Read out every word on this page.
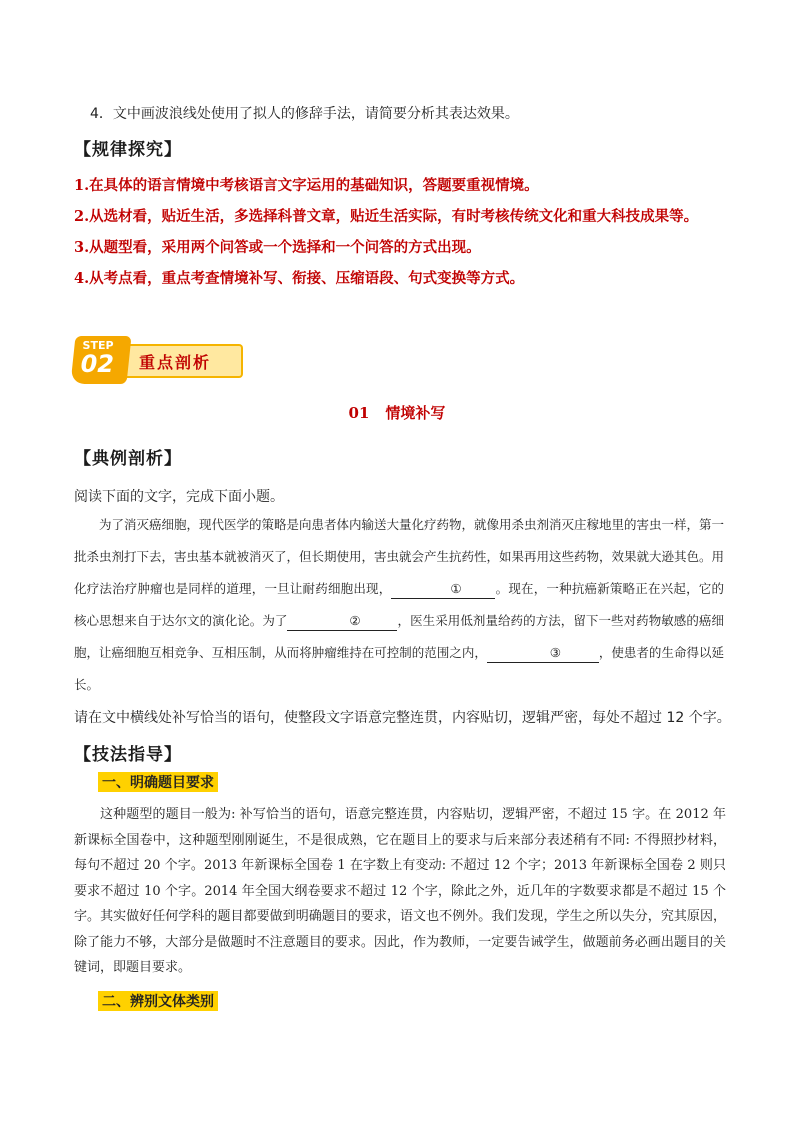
4．文中画波浪线处使用了拟人的修辞手法，请简要分析其表达效果。
【规律探究】

1.在具体的语言情境中考核语言文字运用的基础知识，答题要重视情境。

2.从选材看，贴近生活，多选择科普文章，贴近生活实际，有时考核传统文化和重大科技成果等。

3.从题型看，采用两个问答或一个选择和一个问答的方式出现。

4.从考点看，重点考查情境补写、衔接、压缩语段、句式变换等方式。

重点剖析
STEP
02
01 情境补写
【典例剖析】
阅读下面的文字，完成下面小题。

为了消灭癌细胞，现代医学的策略是向患者体内输送大量化疗药物，就像用杀虫剂消灭庄稼地里的害虫一样，第一批杀虫剂打下去，害虫基本就被消灭了，但长期使用，害虫就会产生抗药性，如果再用这些药物，效果就大逊其色。用化疗法治疗肿瘤也是同样的道理，一旦让耐药细胞出现，	①	。现在，一种抗癌新策略正在兴起，它的核心思想来自于达尔文的演化论。为了	②	，医生采用低剂量给药的方法，留下一些对药物敏感的癌细胞，让癌细胞互相竞争、互相压制，从而将肿瘤维持在可控制的范围之内，	③	，使患者的生命得以延长。

请在文中横线处补写恰当的语句，使整段文字语意完整连贯，内容贴切，逻辑严密，每处不超过 12 个字。
【技法指导】
一、明确题目要求

这种题型的题目一般为: 补写恰当的语句，语意完整连贯，内容贴切，逻辑严密，不超过 15 字。在 2012 年新课标全国卷中，这种题型刚刚诞生，不是很成熟，它在题目上的要求与后来部分表述稍有不同: 不得照抄材料，每句不超过 20 个字。2013 年新课标全国卷 1 在字数上有变动: 不超过 12 个字；2013 年新课标全国卷 2 则只要求不超过 10 个字。2014 年全国大纲卷要求不超过 12 个字，除此之外，近几年的字数要求都是不超过 15 个字。其实做好任何学科的题目都要做到明确题目的要求，语文也不例外。我们发现，学生之所以失分，究其原因，除了能力不够，大部分是做题时不注意题目的要求。因此，作为教师，一定要告诫学生，做题前务必画出题目的关键词，即题目要求。

二、辨别文体类别
